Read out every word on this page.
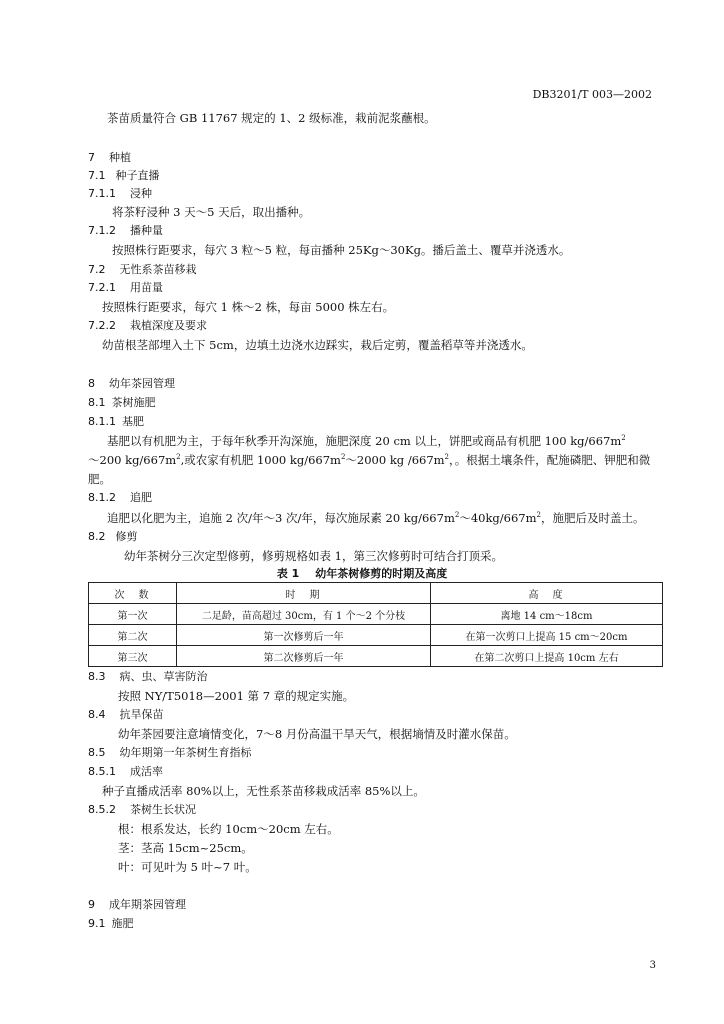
DB3201/T 003—2002
茶苗质量符合 GB 11767 规定的 1、2 级标准，栽前泥浆蘸根。
7 种植
7.1 种子直播
7.1.1 浸种
将茶籽浸种 3 天～5 天后，取出播种。
7.1.2 播种量
按照株行距要求，每穴 3 粒～5 粒，每亩播种 25Kg～30Kg。播后盖土、覆草并浇透水。
7.2 无性系茶苗移栽
7.2.1 用苗量
按照株行距要求，每穴 1 株～2 株，每亩 5000 株左右。
7.2.2 栽植深度及要求
幼苗根茎部埋入土下 5cm，边填土边浇水边踩实，栽后定剪，覆盖稻草等并浇透水。
8 幼年茶园管理
8.1 茶树施肥
8.1.1 基肥
基肥以有机肥为主，于每年秋季开沟深施，施肥深度 20 cm 以上，饼肥或商品有机肥 100 $kg/667m^2$
～200 $kg/667m^2$,或农家有机肥 1000 $kg/667m^2\sim 2000$ kg $/667m^2$，。根据土壤条件，配施磷肥、钾肥和微
肥。
8.1.2 追肥
追肥以化肥为主，追施 2 次/年～3 次/年，每次施尿素 20 $kg/667m^2\sim 40kg/667m^2$，施肥后及时盖土。
8.2 修剪
幼年茶树分三次定型修剪，修剪规格如表 1，第三次修剪时可结合打顶采。
表 1 幼年茶树修剪的时期及高度
次　数	时　期	高　度
第一次	二足龄，苗高超过 30cm，有 1 个～2 个分枝	离地 14 cm～18cm
第二次	第一次修剪后一年	在第一次剪口上提高 15 cm～20cm
第三次	第二次修剪后一年	在第二次剪口上提高 10cm 左右
8.3 病、虫、草害防治
按照 NY/T5018—2001 第 7 章的规定实施。
8.4 抗旱保苗
幼年茶园要注意墒情变化，7～8 月份高温干旱天气，根据墒情及时灌水保苗。
8.5 幼年期第一年茶树生育指标
8.5.1 成活率
种子直播成活率 80%以上，无性系茶苗移栽成活率 85%以上。
8.5.2 茶树生长状况
根：根系发达，长约 10cm～20cm 左右。
茎：茎高 15cm~25cm。
叶：可见叶为 5 叶~7 叶。
9 成年期茶园管理
9.1 施肥
3
